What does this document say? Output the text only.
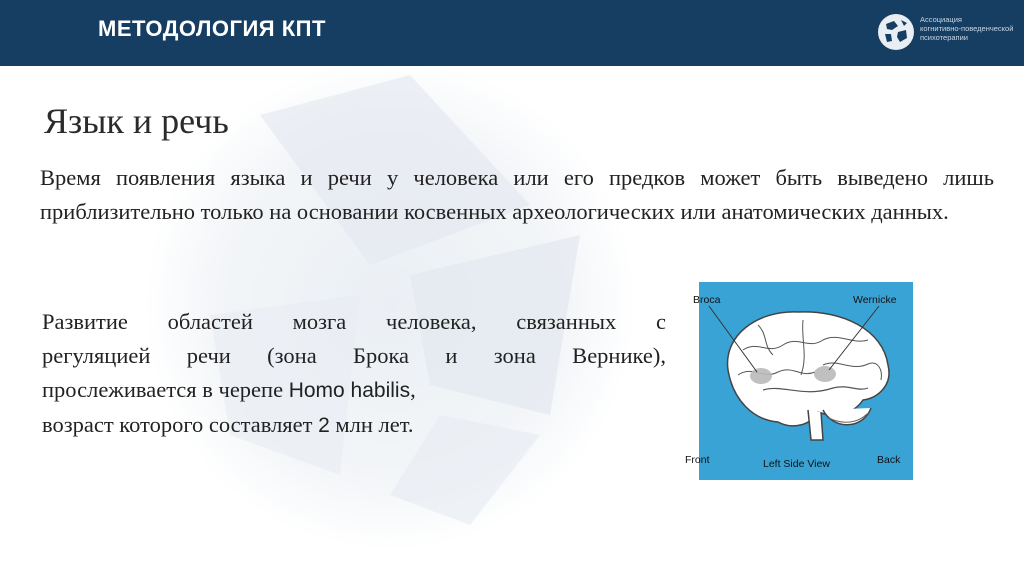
МЕТОДОЛОГИЯ КПТ	Ассоциация
когнитивно-поведенческой
психотерапии
Язык и речь
Время появления языка и речи у человека или его предков может быть выведено лишь приблизительно только на основании косвенных археологических или анатомических данных.
Развитие областей мозга человека, связанных с
регуляцией речи (зона Брока и зона Вернике),
прослеживается в черепе Homo habilis,
возраст которого составляет 2 млн лет.
Broca	Wernicke
Front	Left Side View	Back
